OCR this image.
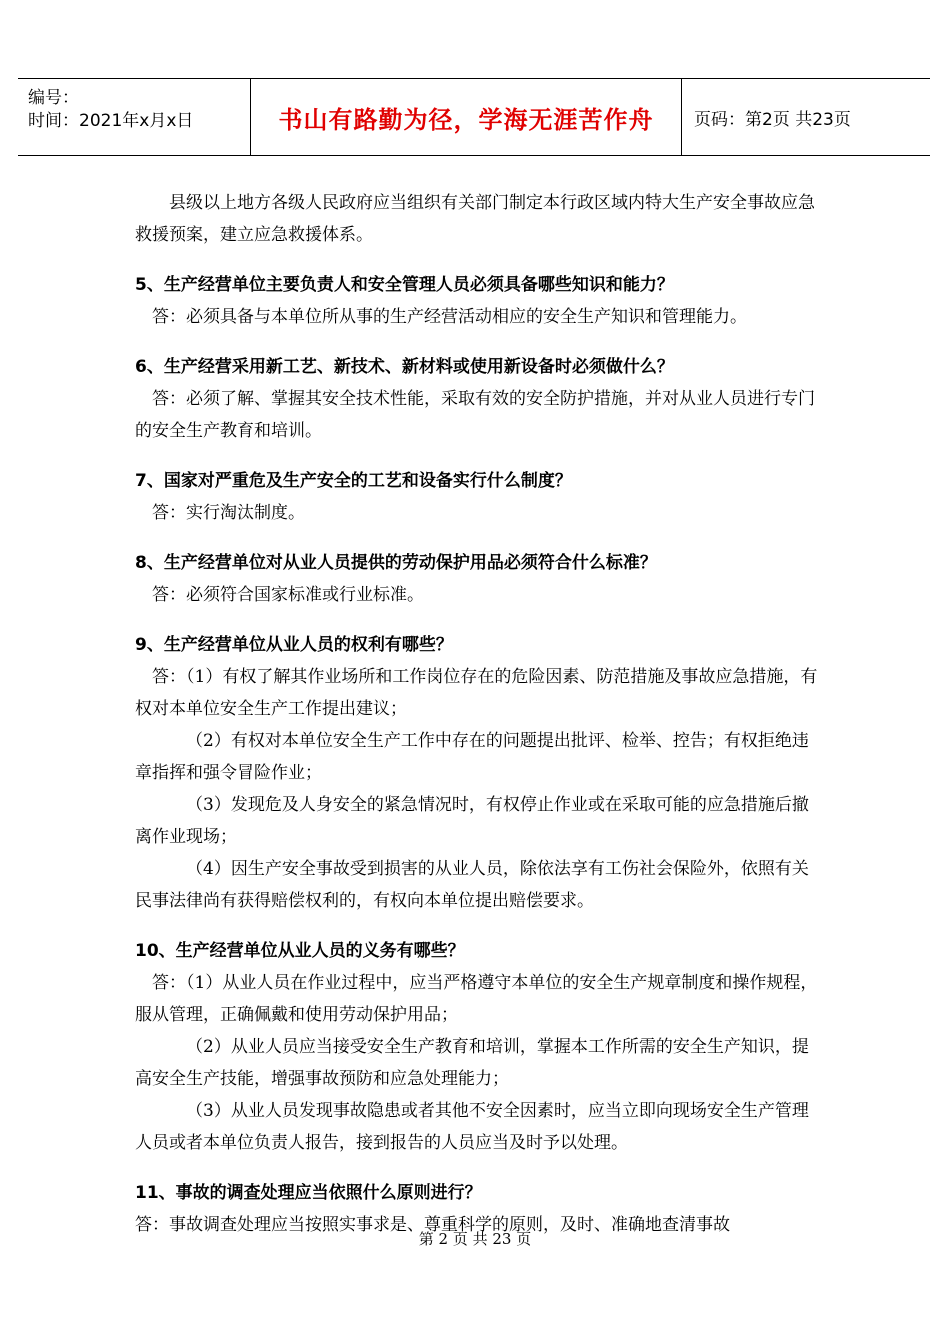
编号：
时间：2021年x月x日	书山有路勤为径，学海无涯苦作舟	页码：第2页 共23页

县级以上地方各级人民政府应当组织有关部门制定本行政区域内特大生产安全事故应急救援预案，建立应急救援体系。

5、生产经营单位主要负责人和安全管理人员必须具备哪些知识和能力？

答：必须具备与本单位所从事的生产经营活动相应的安全生产知识和管理能力。

6、生产经营采用新工艺、新技术、新材料或使用新设备时必须做什么？

答：必须了解、掌握其安全技术性能，采取有效的安全防护措施，并对从业人员进行专门的安全生产教育和培训。

7、国家对严重危及生产安全的工艺和设备实行什么制度？

答：实行淘汰制度。

8、生产经营单位对从业人员提供的劳动保护用品必须符合什么标准？

答：必须符合国家标准或行业标准。

9、生产经营单位从业人员的权利有哪些？

答：（1）有权了解其作业场所和工作岗位存在的危险因素、防范措施及事故应急措施，有权对本单位安全生产工作提出建议；

（2）有权对本单位安全生产工作中存在的问题提出批评、检举、控告；有权拒绝违章指挥和强令冒险作业；

（3）发现危及人身安全的紧急情况时，有权停止作业或在采取可能的应急措施后撤离作业现场；

（4）因生产安全事故受到损害的从业人员，除依法享有工伤社会保险外，依照有关民事法律尚有获得赔偿权利的，有权向本单位提出赔偿要求。

10、生产经营单位从业人员的义务有哪些？

答：（1）从业人员在作业过程中，应当严格遵守本单位的安全生产规章制度和操作规程，服从管理，正确佩戴和使用劳动保护用品；

（2）从业人员应当接受安全生产教育和培训，掌握本工作所需的安全生产知识，提高安全生产技能，增强事故预防和应急处理能力；

（3）从业人员发现事故隐患或者其他不安全因素时，应当立即向现场安全生产管理人员或者本单位负责人报告，接到报告的人员应当及时予以处理。

11、事故的调查处理应当依照什么原则进行？

答：事故调查处理应当按照实事求是、尊重科学的原则，及时、准确地查清事故

第 2 页 共 23 页
